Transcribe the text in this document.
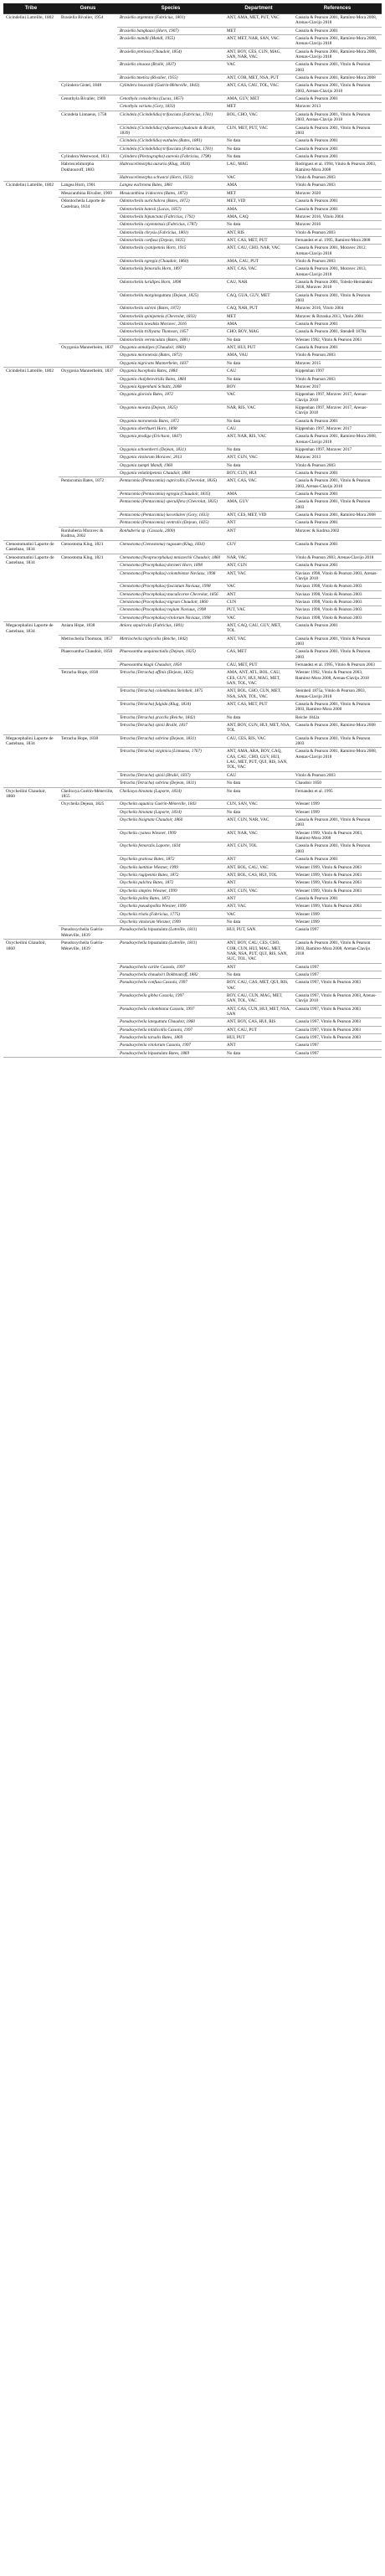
Tribe	Genus	Species	Department	References
Cicindelini Latreille, 1802	Brasiella Rivalier, 1954	Brasiella argentata (Fabricius, 1801)	ANT, AMA, MET, PUT, VAC	Cassola & Pearson 2001, Ramírez-Mora 2008, Arenas-Clavijo 2018
		Brasiella banghaasi (Horn, 1907)	MET	Cassola & Pearson 2001
		Brasiella mandli (Mandl, 1955)	ANT, MET, NAR, SAN, VAC	Cassola & Pearson 2001, Ramírez-Mora 2008, Arenas-Clavijo 2018
		Brasiella pretiosa (Chaudoir, 1854)	ANT, BOY, CES, CUN, MAG, SAN, NAR, VAC	Cassola & Pearson 2001, Ramírez-Mora 2008, Arenas-Clavijo 2018
		Brasiella sinuosa (Brullé, 1837)	VAC	Cassola & Pearson 2001, Vitolo & Pearson 2003
		Brasiella tmetica (Rivalier, 1955)	ANT, COR, MET, NSA, PUT	Cassola & Pearson 2001, Ramírez-Mora 2008
	Cylindera Gistel, 1848	Cylindera boucardi (Guérin-Méneville, 1843)	ANT, CAS, CAU, TOL, VAC	Cassola & Pearson 2001, Vitolo & Pearson 2003, Arenas-Clavijo 2018
	Cenothyla Rivalier, 1969	Cenothyla consobrina (Lucas, 1857)	AMA, GUV, MET	Cassola & Pearson 2001
		Cenothyla varians (Gory, 1833)	MET	Moravec 2013
	Cicindela Linnaeus, 1758	Cicindela (Cicindelidia) trifasciata (Fabricius, 1781)	BOL, CHO, VAC	Cassola & Pearson 2001, Vitolo & Pearson 2003, Arenas-Clavijo 2018
		Cicindela (Cicindelidia) rufoaenea (Audouin & Brullé, 1839)	CUN, MET, PUT, VAC	Cassola & Pearson 2001, Vitolo & Pearson 2003
		Cicindela (Cicindelidia) euthales (Bates, 1881)	No data	Cassola & Pearson 2001
		Cicindela (Cicindelidia) trifasciata (Fabricius, 1781)	No data	Cassola & Pearson 2001
	Cylindera Westwood, 1831	Cylindera (Plectographa) aureola (Fabricius, 1798)	No data	Cassola & Pearson 2001
	Habroscelimorpha Dokhtouroff, 1883	Habroscelimorpha auraria (Klug, 1834)	LAG, MAG	Rodriguez et al. 1994, Vitolo & Pearson 2003, Ramírez-Mora 2008
		Habroscelimorpha schwarzi (Horn, 1923)	VAC	Vitolo & Pearson 2003
Cicindelini Latreille, 1802	Langea Horn, 1901	Langea euchroma Bates, 1881	AMA	Vitolo & Pearson 2003
	Mesacanthina Rivalier, 1969	Mesacanthina iridescens (Bates, 1872)	MET	Moravec 2020
	Odontocheila Laporte de Castelnau, 1834	Odontocheila aurichalcea (Bates, 1872)	MET, VID	Cassola & Pearson 2001
		Odontocheila batesii (Lucas, 1857)	AMA	Cassola & Pearson 2001
		Odontocheila bipunctata (Fabricius, 1792)	AMA, CAQ	Moravec 2016, Vitolo 2004
		Odontocheila cayennensis (Fabricius, 1787)	No data	Moravec 2016
		Odontocheila chrysis (Fabricius, 1801)	ANT, RIS	Vitolo & Pearson 2003
		Odontocheila confusa (Dejean, 1825)	ANT, CAS, MET, PUT	Fernandez et al. 1995, Ramírez-Mora 2008
		Odontocheila cyanipennis Horn, 1915	ANT, CAU, CHO, NAR, VAC	Cassola & Pearson 2001, Moravec 2012, Arenas-Clavijo 2018
		Odontocheila egregia (Chaudoir, 1860)	AMA, CAU, PUT	Vitolo & Pearson 2003
		Odontocheila femoralis Horn, 1897	ANT, CAS, VAC	Cassola & Pearson 2001, Moravec 2013, Arenas-Clavijo 2018
		Odontocheila luridipes Horn, 1898	CAU, NAR	Cassola & Pearson 2001, Toledo-Hernández 2018, Moravec 2018
		Odontocheila margineguttata (Dejean, 1825)	CAQ, GUA, GUV, MET	Cassola & Pearson 2001, Vitolo & Pearson 2003
		Odontocheila salvini (Bates, 1872)	CAQ, NAR, PUT	Moravec 2016, Vitolo 2004
		Odontocheila spinipennis (Chevrolat, 1833)	MET	Moravec & Brzoska 2013, Vitolo 2004
		Odontocheila tawahka Moravec, 2016	AMA	Cassola & Pearson 2001
		Odontocheila trilbyana Thomson, 1857	CHO, BOY, MAG	Cassola & Pearson 2001, Stendell 1878a
		Odontocheila vermiculata (Bates, 1881)	No data	Wiesner 1992, Vitolo & Pearson 2003
	Oxygonia Mannerheim, 1837	Oxygonia annulipes (Chaudoir, 1860)	ANT, HUI, PUT	Cassola & Pearson 2001
		Oxygonia moronensis (Bates, 1872)	AMA, VAU	Vitolo & Pearson 2003
		Oxygonia nigricans Mannerheim, 1837	No data	Moravec 2015
Cicindelini Latreille, 1802	Oxygonia Mannerheim, 1837	Oxygonia bucephala Bates, 1884	CAU	Kippenhan 1997
		Oxygonia chalybeoviridis Bates, 1884	No data	Vitolo & Pearson 2003
		Oxygonia kippenhani Schultz, 2008	BOY	Moravec 2017
		Oxygonia gloriola Bates, 1872	VAC	Kippenhan 1997, Moravec 2017, Arenas-Clavijo 2018
		Oxygonia moesta (Dejean, 1825)	NAR, RIS, VAC	Kippenhan 1997, Moravec 2017, Arenas-Clavijo 2018
		Oxygonia moronensis Bates, 1872	No data	Cassola & Pearson 2001
		Oxygonia oberthueri Horn, 1898	CAU	Kippenhan 1997, Moravec 2017
		Oxygonia prodiga (Erichson, 1847)	ANT, NAR, RIS, VAC	Cassola & Pearson 2001, Ramírez-Mora 2008, Arenas-Clavijo 2018
		Oxygonia schoenherri (Dejean, 1831)	No data	Kippenhan 1997, Moravec 2017
		Oxygonia vitolorum Moravec, 2013	ANT, CUN, VAC	Moravec 2013
		Oxygonia zumpti Mandl, 1960	No data	Vitolo & Pearson 2003
		Oxygonia velutinipennis Chaudoir, 1860	BOY, CUN, HUI	Cassola & Pearson 2001
	Pentacomia Bates, 1872	Pentacomia (Pentacomia) cupricollis (Chevrolat, 1835)	ANT, CAS, VAC	Cassola & Pearson 2001, Vitolo & Pearson 2003, Arenas-Clavijo 2018
		Pentacomia (Pentacomia) egregia (Chaudoir, 1835)	AMA	Cassola & Pearson 2001
		Pentacomia (Pentacomia) speculifera (Chevrolat, 1835)	AMA, GUV	Cassola & Pearson 2001, Vitolo & Pearson 2003
		Pentacomia (Pentacomia) lacordairei (Gory, 1833)	ANT, CES, MET, VID	Cassola & Pearson 2001, Ramírez-Mora 2008
		Pentacomia (Pentacomia) ventralis (Dejean, 1825)	ANT	Cassola & Pearson 2001
	Ronhuberia Moravec & Kudrna, 2002	Ronhuberia sp. (Cassola, 2000)	ANT	Moravec & Kudrna 2002
Ctenostomatini Laporte de Castelnau, 1834	Ctenostoma Klug, 1821	Ctenostoma (Ctenostoma) rugosum (Klug, 1834)	GUV	Cassola & Pearson 2001
Ctenostomatini Laporte de Castelnau, 1834	Ctenostoma Klug, 1821	Ctenostoma (Neoprocephalus) mniszechii Chaudoir, 1860	NAR, VAC	Vitolo & Pearson 2003, Arenas-Clavijo 2018
		Ctenostoma (Procephalus) dormeri Horn, 1898	ANT, CUN	Cassola & Pearson 2001
		Ctenostoma (Procephalus) colombiense Naviaux, 1998	ANT, VAC	Naviaux 1998, Vitolo & Pearson 2003, Arenas-Clavijo 2018
		Ctenostoma (Procephalus) fasciatum Naviaux, 1998	VAC	Naviaux 1998, Vitolo & Pearson 2003
		Ctenostoma (Procephalus) maculicorne Chevrolat, 1856	ANT	Naviaux 1998, Vitolo & Pearson 2003
		Ctenostoma (Procephalus) nigrum Chaudoir, 1860	CUN	Naviaux 1998, Vitolo & Pearson 2003
		Ctenostoma (Procephalus) regium Naviaux, 1998	PUT, VAC	Naviaux 1998, Vitolo & Pearson 2003
		Ctenostoma (Procephalus) vitolorum Naviaux, 1998	VAC	Naviaux 1998, Vitolo & Pearson 2003
Megacephalini Laporte de Castelnau, 1834	Aniara Hope, 1838	Aniara sepulcralis (Fabricius, 1801)	ANT, CAQ, CAU, GUV, MET, TOL	Cassola & Pearson 2001
	Metriocheila Thomson, 1857	Metriocheila nigricollis (Reiche, 1842)	ANT, VAC	Cassola & Pearson 2001, Vitolo & Pearson 2003
	Phaeoxantha Chaudoir, 1850	Phaeoxantha aequinoctialis (Dejean, 1825)	CAS, MET	Cassola & Pearson 2001, Vitolo & Pearson 2003
		Phaeoxantha klugii Chaudoir, 1850	CAU, MET, PUT	Fernandez et al. 1995, Vitolo & Pearson 2003
	Tetracha Hope, 1838	Tetracha (Tetracha) affinis (Dejean, 1825)	AMA, ANT, ATL, BOL, CAU, CES, GUV, HUI, MAG, MET, SAN, TOL, VAC	Wiesner 1992, Vitolo & Pearson 2003, Ramírez-Mora 2008, Arenas-Clavijo 2018
		Tetracha (Tetracha) colombiana Steinheil, 1875	ANT, BOL, CHO, CUN, MET, NSA, SAN, TOL, VAC	Steinheil 1875a, Vitolo & Pearson 2003, Arenas-Clavijo 2018
		Tetracha (Tetracha) fulgida (Klug, 1834)	ANT, CAS, MET, PUT	Cassola & Pearson 2001, Vitolo & Pearson 2003, Ramírez-Mora 2008
		Tetracha (Tetracha) gracilis (Reiche, 1842)	No data	Reiche 1842a
		Tetracha (Tetracha) spixii Brullé, 1837	ANT, BOY, CUN, HUI, MET, NSA, TOL	Cassola & Pearson 2001, Ramírez-Mora 2008
Megacephalini Laporte de Castelnau, 1834	Tetracha Hope, 1838	Tetracha (Tetracha) sobrina (Dejean, 1831)	CAU, CES, RIS, VAC	Cassola & Pearson 2001, Vitolo & Pearson 2003
		Tetracha (Tetracha) virginica (Linnaeus, 1767)	ANT, AMA, ARA, BOY, CAQ, CAS, CAU, CHO, GUV, HUI, LAG, MET, PUT, QUI, RIS, SAN, TOL, VAC	Cassola & Pearson 2001, Ramírez-Mora 2008, Arenas-Clavijo 2018
		Tetracha (Tetracha) spixii (Brullé, 1837)	CAU	Vitolo & Pearson 2003
		Tetracha (Tetracha) sobrina (Dejean, 1831)	No data	Chaudoir 1850
Oxycheilini Chaudoir, 1860	Cheiloxya Guérin-Méneville, 1855	Cheiloxya binotata (Laporte, 1834)	No data	Fernandez et al. 1995
	Oxycheila Dejean, 1825	Oxycheila aquatica Guérin-Méneville, 1843	CUN, SAN, VAC	Wiesner 1999
		Oxycheila binotata (Laporte, 1834)	No data	Wiesner 1999
		Oxycheila bisignata Chaudoir, 1860	ANT, CUN, NAR, VAC	Cassola & Pearson 2001, Vitolo & Pearson 2003
		Oxycheila cyanea Wiesner, 1999	ANT, NAR, VAC	Wiesner 1999, Vitolo & Pearson 2003, Ramírez-Mora 2008
		Oxycheila femoralis Laporte, 1834	ANT, CUN, TOL	Cassola & Pearson 2001, Vitolo & Pearson 2003
		Oxycheila gratiosa Bates, 1872	ANT	Cassola & Pearson 2001
		Oxycheila laetitiae Wiesner, 1999	ANT, BOL, CAU, VAC	Wiesner 1999, Vitolo & Pearson 2003
		Oxycheila rugipennis Bates, 1872	ANT, BOL, CAS, HUI, TOL	Wiesner 1999, Vitolo & Pearson 2003
		Oxycheila pulchra Bates, 1872	ANT	Wiesner 1999, Vitolo & Pearson 2003
		Oxycheila simplex Wiesner, 1999	ANT, CUN, VAC	Wiesner 1999, Vitolo & Pearson 2003
		Oxycheila polita Bates, 1872	ANT	Cassola & Pearson 2001
		Oxycheila pseudopolita Wiesner, 1999	ANT, VAC	Wiesner 1999, Vitolo & Pearson 2003
		Oxycheila tristis (Fabricius, 1775)	VAC	Wiesner 1999
		Oxycheila vitolorum Wiesner, 1999	No data	Wiesner 1999
	Pseudoxycheila Guérin-Méneville, 1839	Pseudoxycheila bipustulata (Latreille, 1811)	HUI, PUT, SAN	Cassola 1997
Oxycheilini Chaudoir, 1860	Pseudoxycheila Guérin-Méneville, 1839	Pseudoxycheila bipustulata (Latreille, 1811)	ANT, BOY, CAU, CES, CHO, COR, CUN, HUI, MAG, MET, NAR, NSA, PUT, QUI, RIS, SAN, SUC, TOL, VAC	Cassola & Pearson 2001, Vitolo & Pearson 2003, Ramírez-Mora 2008, Arenas-Clavijo 2018
		Pseudoxycheila caribe Cassola, 1997	ANT	Cassola 1997
		Pseudoxycheila chaudoiri Dokhtouroff, 1882	No data	Cassola 1997
		Pseudoxycheila confusa Cassola, 1997	BOY, CAU, CAS, MET, QUI, RIS, VAC	Cassola 1997, Vitolo & Pearson 2003
		Pseudoxycheila gibba Cassola, 1997	BOY, CAU, CUN, MAG, MET, SAN, TOL, VAC	Cassola 1997, Vitolo & Pearson 2003, Arenas-Clavijo 2018
		Pseudoxycheila colombiana Cassola, 1997	ANT, CAS, CUN, HUI, MET, NSA, SAN	Cassola 1997, Vitolo & Pearson 2003
		Pseudoxycheila lateguttata Chaudoir, 1860	ANT, BOY, CAS, HUI, RIS	Cassola 1997, Vitolo & Pearson 2003
		Pseudoxycheila nitidicollis Cassola, 1997	ANT, CAU, PUT	Cassola 1997, Vitolo & Pearson 2003
		Pseudoxycheila tarsalis Bates, 1869	HUI, PUT	Cassola 1997, Vitolo & Pearson 2003
		Pseudoxycheila vitolorum Cassola, 1997	ANT	Cassola 1997
		Pseudoxycheila bipustulata Bates, 1869	No data	Cassola 1997
